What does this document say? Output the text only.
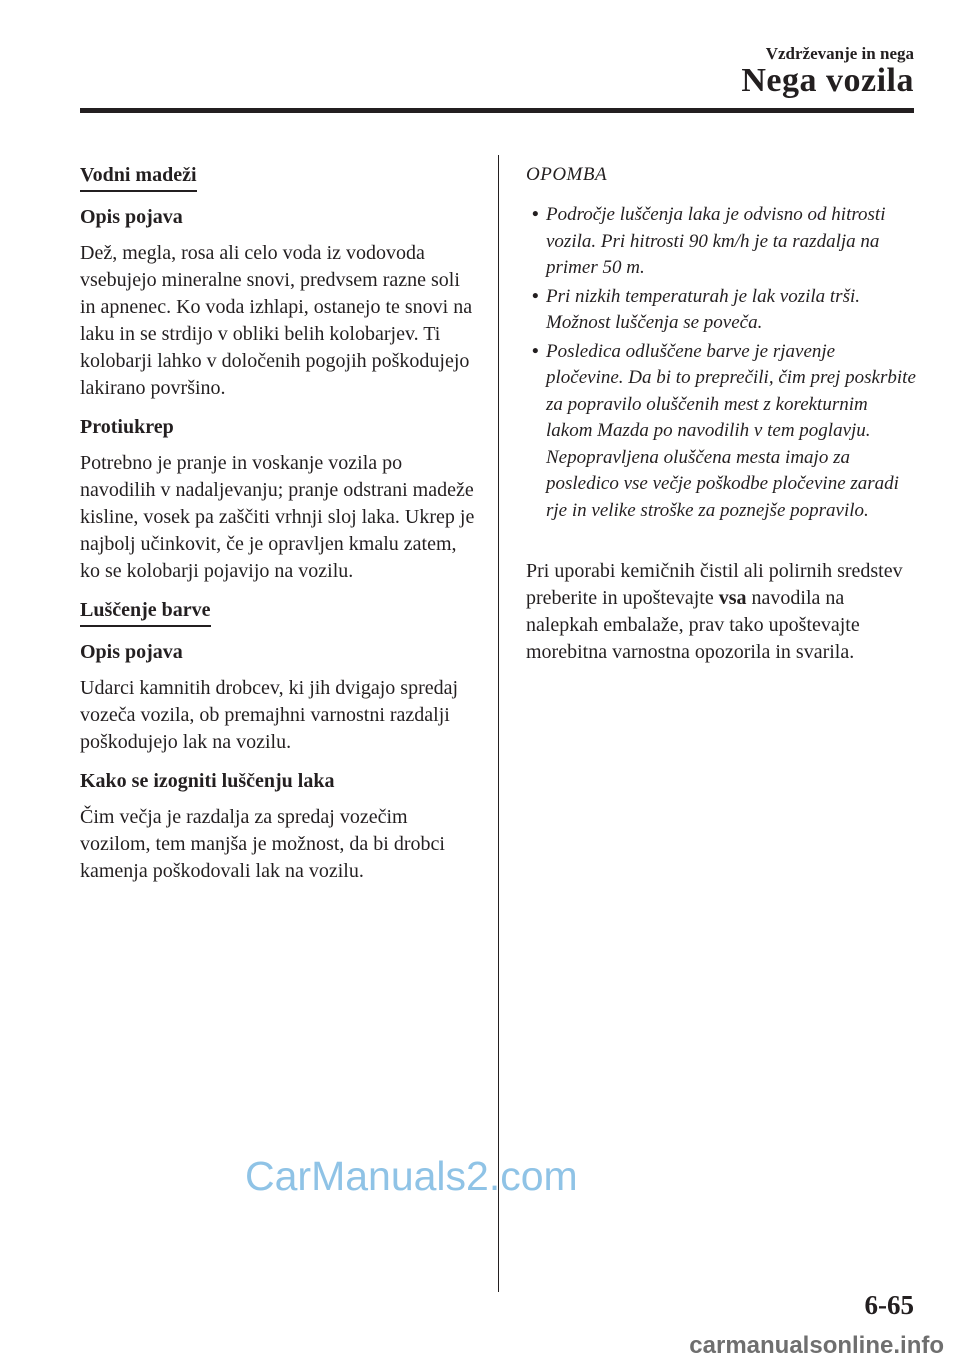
Vzdrževanje in nega
Nega vozila
Vodni madeži
Opis pojava

Dež, megla, rosa ali celo voda iz vodovoda vsebujejo mineralne snovi, predvsem razne soli in apnenec. Ko voda izhlapi, ostanejo te snovi na laku in se strdijo v obliki belih kolobarjev. Ti kolobarji lahko v določenih pogojih poškodujejo lakirano površino.

Protiukrep

Potrebno je pranje in voskanje vozila po navodilih v nadaljevanju; pranje odstrani madeže kisline, vosek pa zaščiti vrhnji sloj laka. Ukrep je najbolj učinkovit, če je opravljen kmalu zatem, ko se kolobarji pojavijo na vozilu.

Luščenje barve
Opis pojava

Udarci kamnitih drobcev, ki jih dvigajo spredaj vozeča vozila, ob premajhni varnostni razdalji poškodujejo lak na vozilu.

Kako se izogniti luščenju laka

Čim večja je razdalja za spredaj vozečim vozilom, tem manjša je možnost, da bi drobci kamenja poškodovali lak na vozilu.

OPOMBA
• Področje luščenja laka je odvisno od hitrosti vozila. Pri hitrosti 90 km/h je ta razdalja na primer 50 m.
• Pri nizkih temperaturah je lak vozila trši. Možnost luščenja se poveča.
• Posledica odluščene barve je rjavenje pločevine. Da bi to preprečili, čim prej poskrbite za popravilo oluščenih mest z korekturnim lakom Mazda po navodilih v tem poglavju. Nepopravljena oluščena mesta imajo za posledico vse večje poškodbe pločevine zaradi rje in velike stroške za poznejše popravilo.

Pri uporabi kemičnih čistil ali polirnih sredstev preberite in upoštevajte vsa navodila na nalepkah embalaže, prav tako upoštevajte morebitna varnostna opozorila in svarila.

6-65
CarManuals2.com
carmanualsonline.info
